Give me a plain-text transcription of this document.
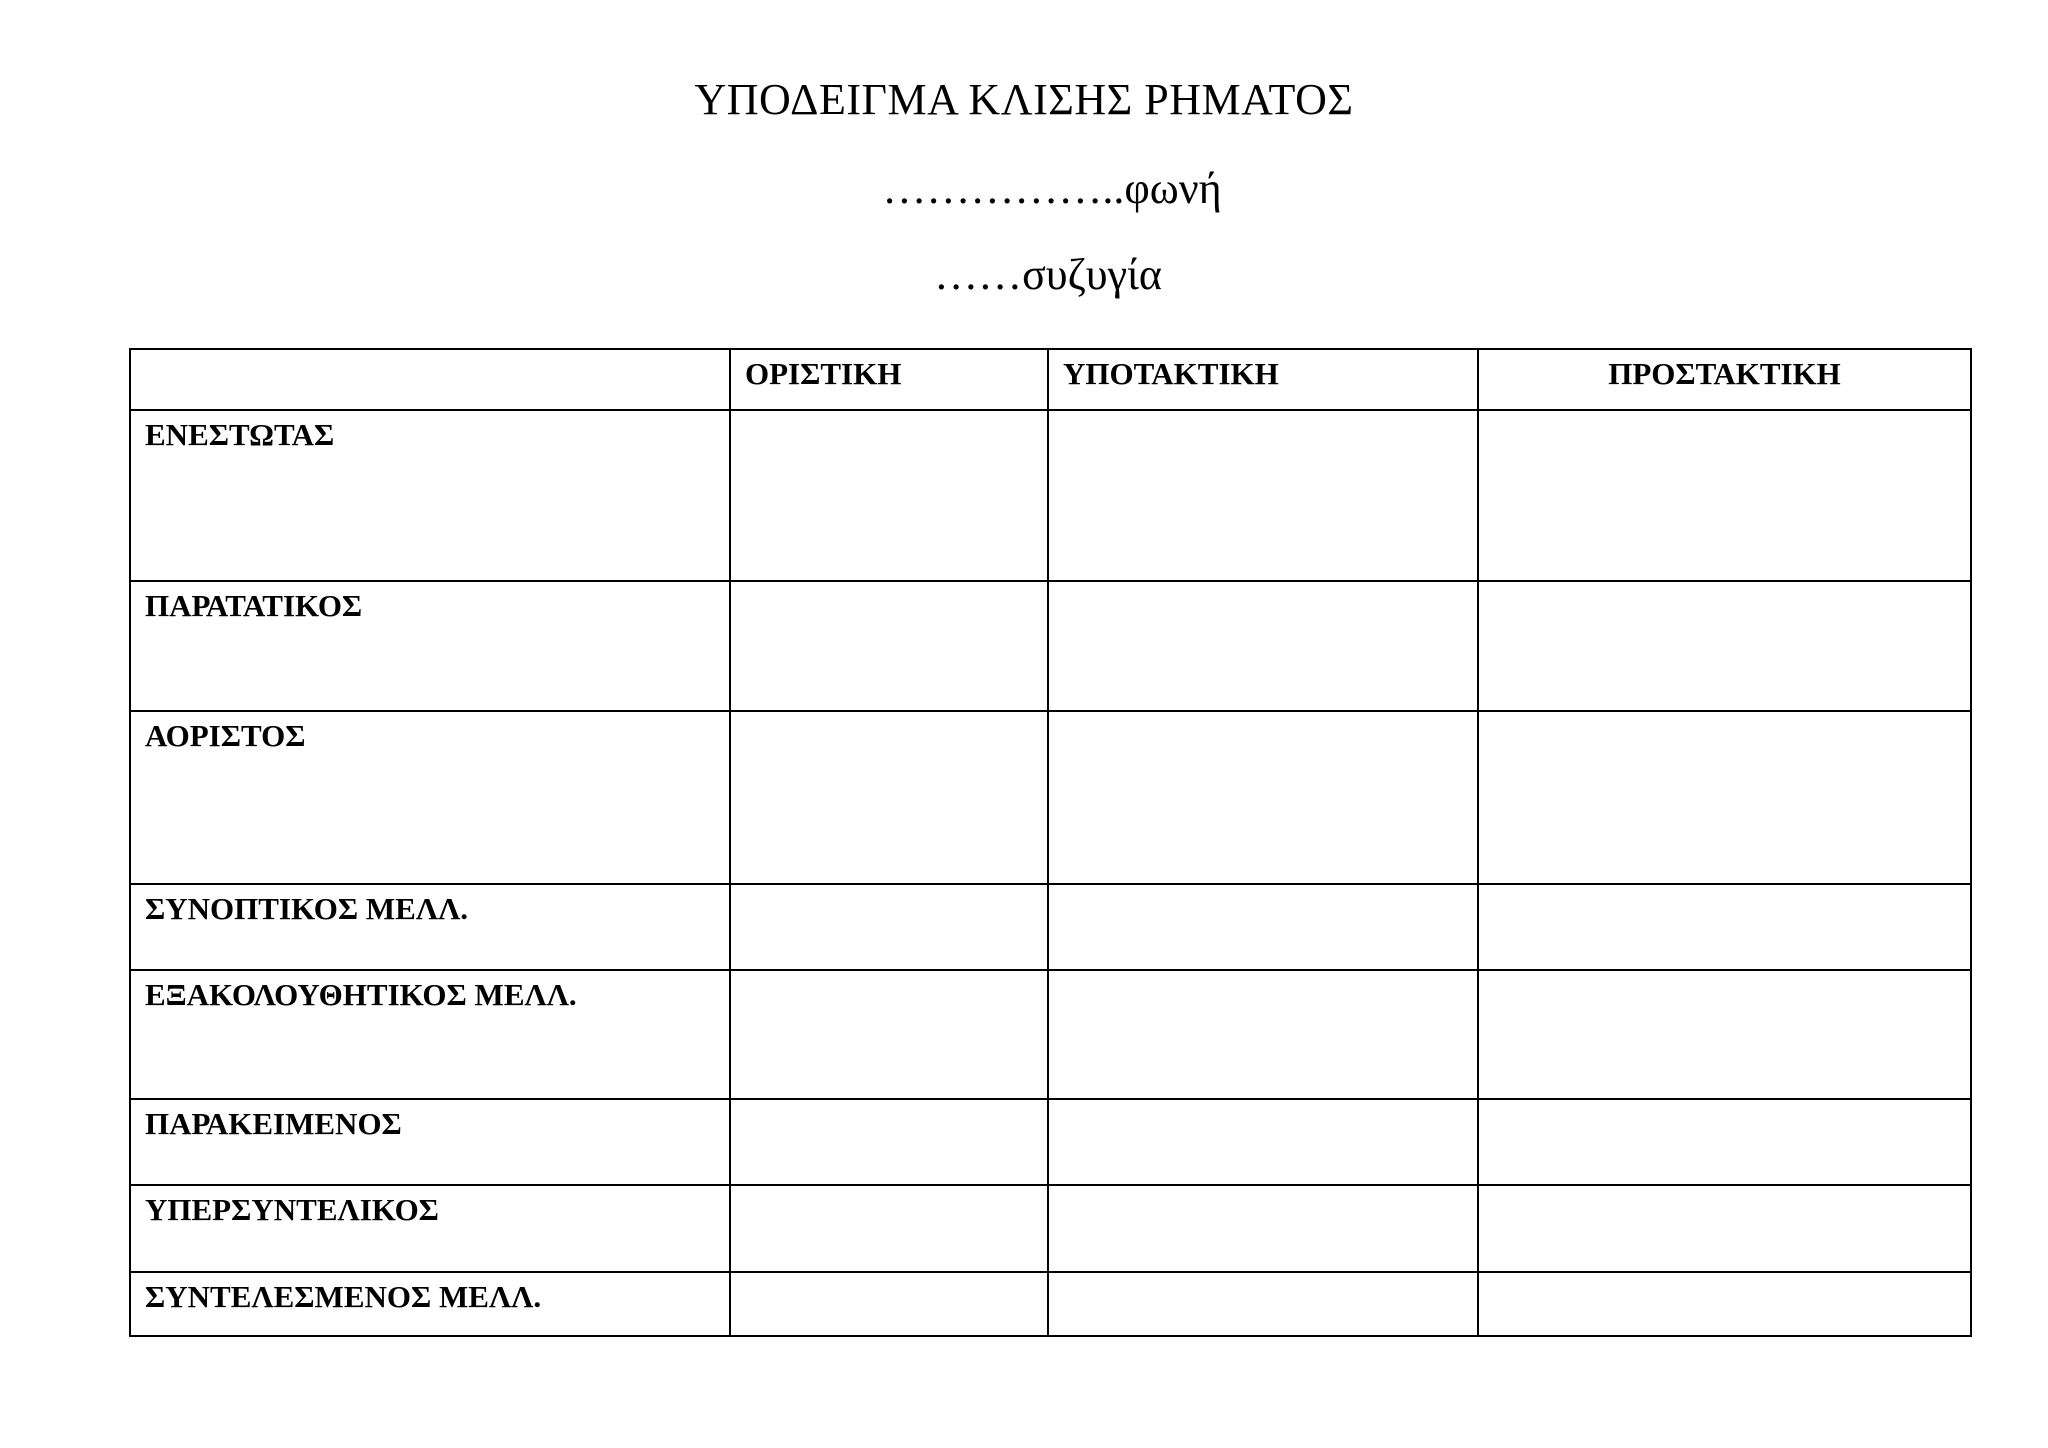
ΥΠΟΔΕΙΓΜΑ ΚΛΙΣΗΣ ΡΗΜΑΤΟΣ
……………..φωνή
……συζυγία

	ΟΡΙΣΤΙΚΗ	ΥΠΟΤΑΚΤΙΚΗ	ΠΡΟΣΤΑΚΤΙΚΗ

ΕΝΕΣΤΩΤΑΣ			

ΠΑΡΑΤΑΤΙΚΟΣ			

ΑΟΡΙΣΤΟΣ			

ΣΥΝΟΠΤΙΚΟΣ ΜΕΛΛ.			

ΕΞΑΚΟΛΟΥΘΗΤΙΚΟΣ ΜΕΛΛ.			

ΠΑΡΑΚΕΙΜΕΝΟΣ			

ΥΠΕΡΣΥΝΤΕΛΙΚΟΣ			

ΣΥΝΤΕΛΕΣΜΕΝΟΣ ΜΕΛΛ.			
